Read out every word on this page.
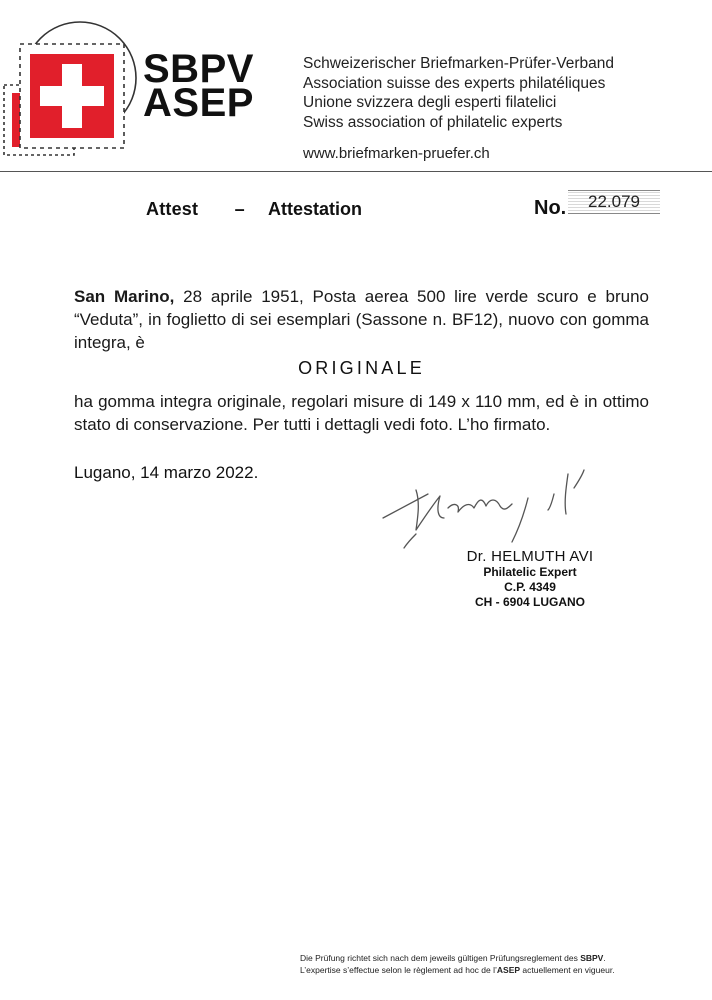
SBPV
ASEP
Schweizerischer Briefmarken-Prüfer-Verband
Association suisse des experts philatéliques
Unione svizzera degli esperti filatelici
Swiss association of philatelic experts
www.briefmarken-pruefer.ch
Attest – Attestation	No.	22.079
San Marino, 28 aprile 1951, Posta aerea 500 lire verde scuro e bruno “Veduta”, in foglietto di sei esemplari (Sassone n. BF12), nuovo con gomma integra, è
ORIGINALE
ha gomma integra originale, regolari misure di 149 x 110 mm, ed è in ottimo stato di conservazione. Per tutti i dettagli vedi foto. L’ho firmato.
Lugano, 14 marzo 2022.
Dr. HELMUTH AVI
Philatelic Expert
C.P. 4349
CH - 6904 LUGANO
Die Prüfung richtet sich nach dem jeweils gültigen Prüfungsreglement des SBPV.
L’expertise s’effectue selon le règlement ad hoc de l’ASEP actuellement en vigueur.
